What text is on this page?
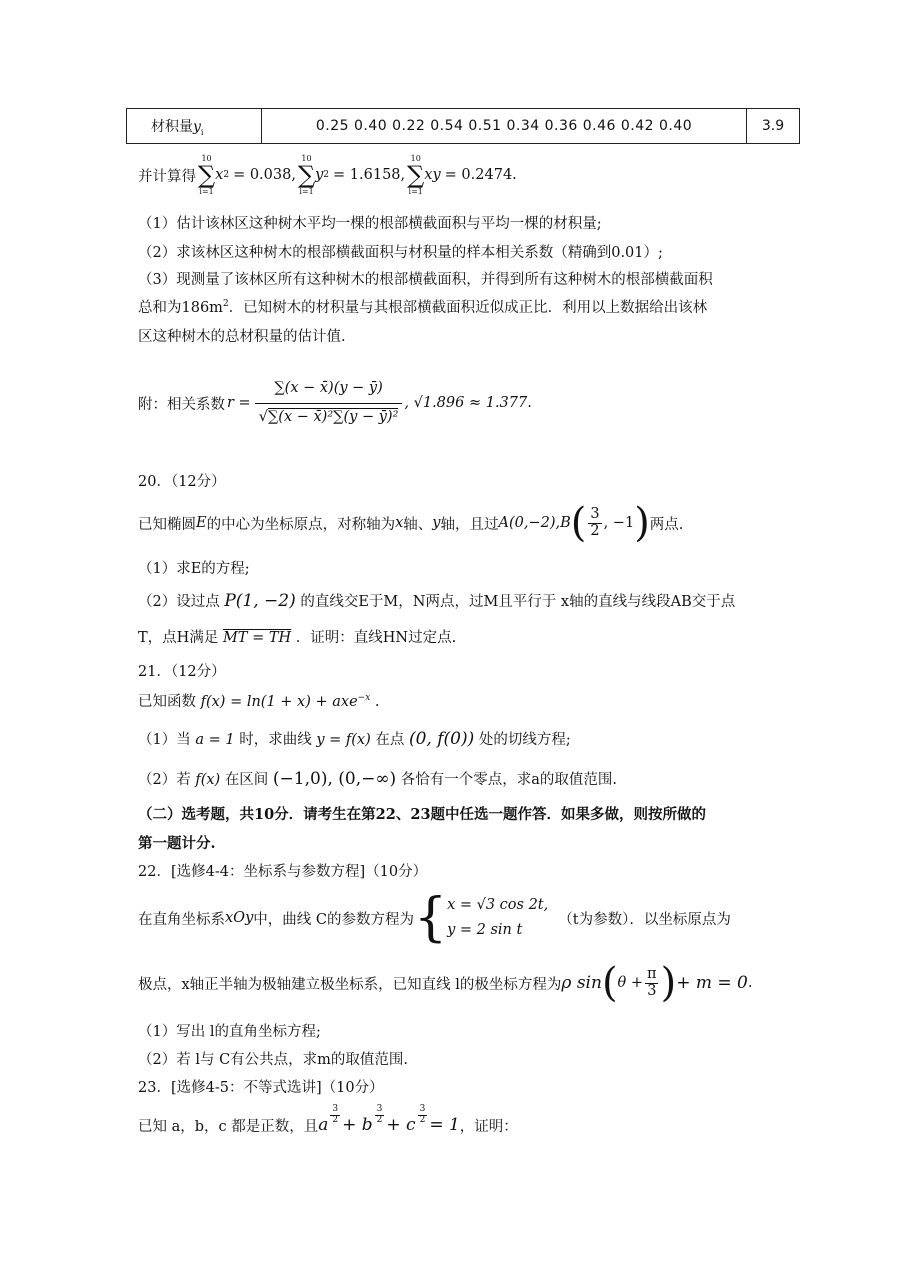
材积量$y_i$	0.25 0.40 0.22 0.54 0.51 0.34 0.36 0.46 0.42 0.40	3.9
并计算得
10
∑
i=1
x 2 = 0.038,
10
∑
i=1
y 2 = 1.6158,
10
∑
i=1
x y = 0.2474 .
（1）估计该林区这种树木平均一棵的根部横截面积与平均一棵的材积量;
（2）求该林区这种树木的根部横截面积与材积量的样本相关系数（精确到0.01）;
（3）现测量了该林区所有这种树木的根部横截面积，并得到所有这种树木的根部横截面积
总和为$186m^2$．已知树木的材积量与其根部横截面积近似成正比．利用以上数据给出该林
区这种树木的总材积量的估计值.
附：相关系数 $r = \frac{\sum(x - x̄)(y - ȳ)}{\text{√∑(x − x̄)²∑(y − ȳ)²}}$ , √1.896 ≈ 1.377 .
20．（12分）
已知椭圆 E 的中心为坐标原点，对称轴为 x 轴、 y 轴，且过 A(0,−2), B ( $\frac{3}{2}$ , −1 ) 两点.
（1）求E的方程;
（2）设过点 P(1, −2) 的直线交E于M，N两点，过M且平行于 x轴的直线与线段AB交于点
T，点H满足 MT = TH ．证明：直线HN过定点.
21．（12分）
已知函数 f(x) = ln(1 + x) + axe$^{-x}$ .
（1）当 a = 1 时，求曲线 y = f(x) 在点 (0, f(0)) 处的切线方程;
（2）若 f(x) 在区间 (−1,0), (0,−∞) 各恰有一个零点，求a的取值范围.
（二）选考题，共10分．请考生在第22、23题中任选一题作答．如果多做，则按所做的
第一题计分.
22．[选修4-4：坐标系与参数方程]（10分）
在直角坐标系 xOy 中，曲线 C的参数方程为 { x = √3 cos 2t,
y = 2 sin t
（t为参数）．以坐标原点为
极点，x轴正半轴为极轴建立极坐标系，已知直线 l的极坐标方程为 ρ sin ( $\theta + \frac{\pi}{3}$ ) + m = 0 .
（1）写出 l的直角坐标方程;
（2）若 l与 C有公共点，求m的取值范围.
23．[选修4-5：不等式选讲]（10分）
已知 a，b，c 都是正数，且 a $\frac{3}{2} + b \frac{3}{2} + c \frac{3}{2} = 1$ ，证明：
